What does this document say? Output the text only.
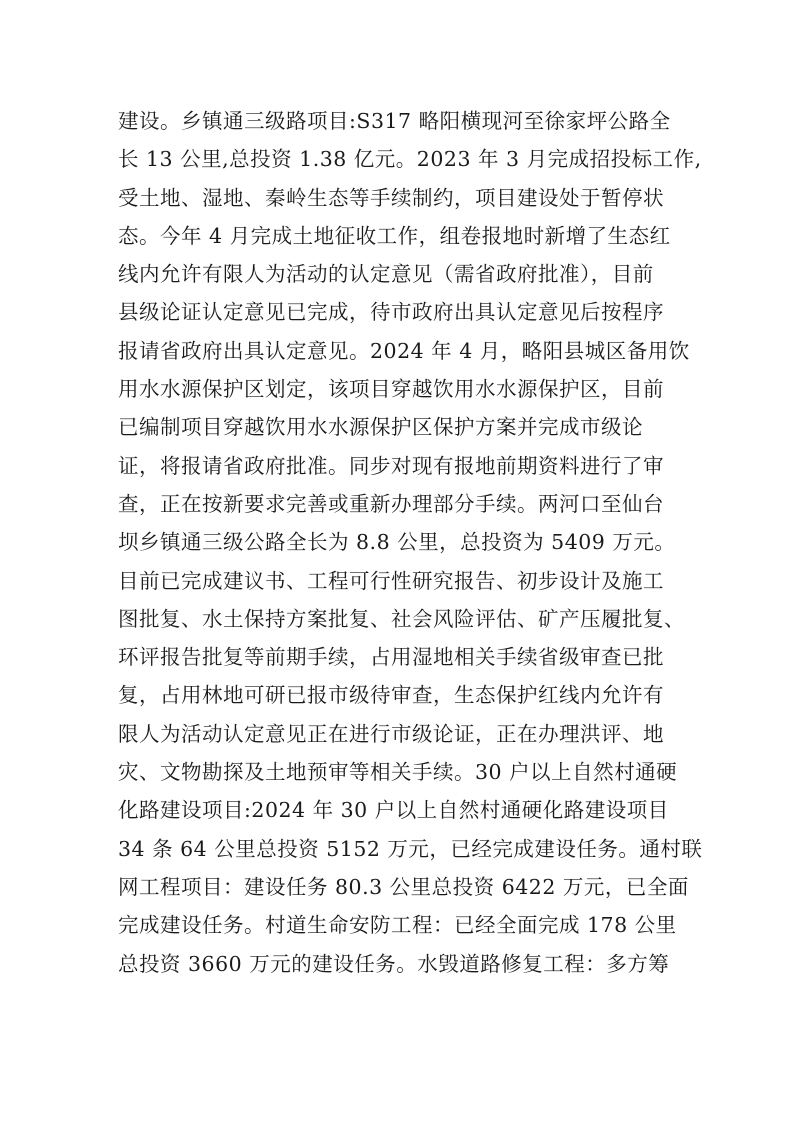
建设。乡镇通三级路项目:S317 略阳横现河至徐家坪公路全
长 13 公里,总投资 1.38 亿元。2023 年 3 月完成招投标工作,
受土地、湿地、秦岭生态等手续制约，项目建设处于暂停状
态。今年 4 月完成土地征收工作，组卷报地时新增了生态红
线内允许有限人为活动的认定意见（需省政府批准），目前
县级论证认定意见已完成，待市政府出具认定意见后按程序
报请省政府出具认定意见。2024 年 4 月，略阳县城区备用饮
用水水源保护区划定，该项目穿越饮用水水源保护区，目前
已编制项目穿越饮用水水源保护区保护方案并完成市级论
证，将报请省政府批准。同步对现有报地前期资料进行了审
查，正在按新要求完善或重新办理部分手续。两河口至仙台
坝乡镇通三级公路全长为 8.8 公里，总投资为 5409 万元。
目前已完成建议书、工程可行性研究报告、初步设计及施工
图批复、水土保持方案批复、社会风险评估、矿产压履批复、
环评报告批复等前期手续，占用湿地相关手续省级审查已批
复，占用林地可研已报市级待审查，生态保护红线内允许有
限人为活动认定意见正在进行市级论证，正在办理洪评、地
灾、文物勘探及土地预审等相关手续。30 户以上自然村通硬
化路建设项目:2024 年 30 户以上自然村通硬化路建设项目
34 条 64 公里总投资 5152 万元，已经完成建设任务。通村联
网工程项目：建设任务 80.3 公里总投资 6422 万元，已全面
完成建设任务。村道生命安防工程：已经全面完成 178 公里
总投资 3660 万元的建设任务。水毁道路修复工程：多方筹
